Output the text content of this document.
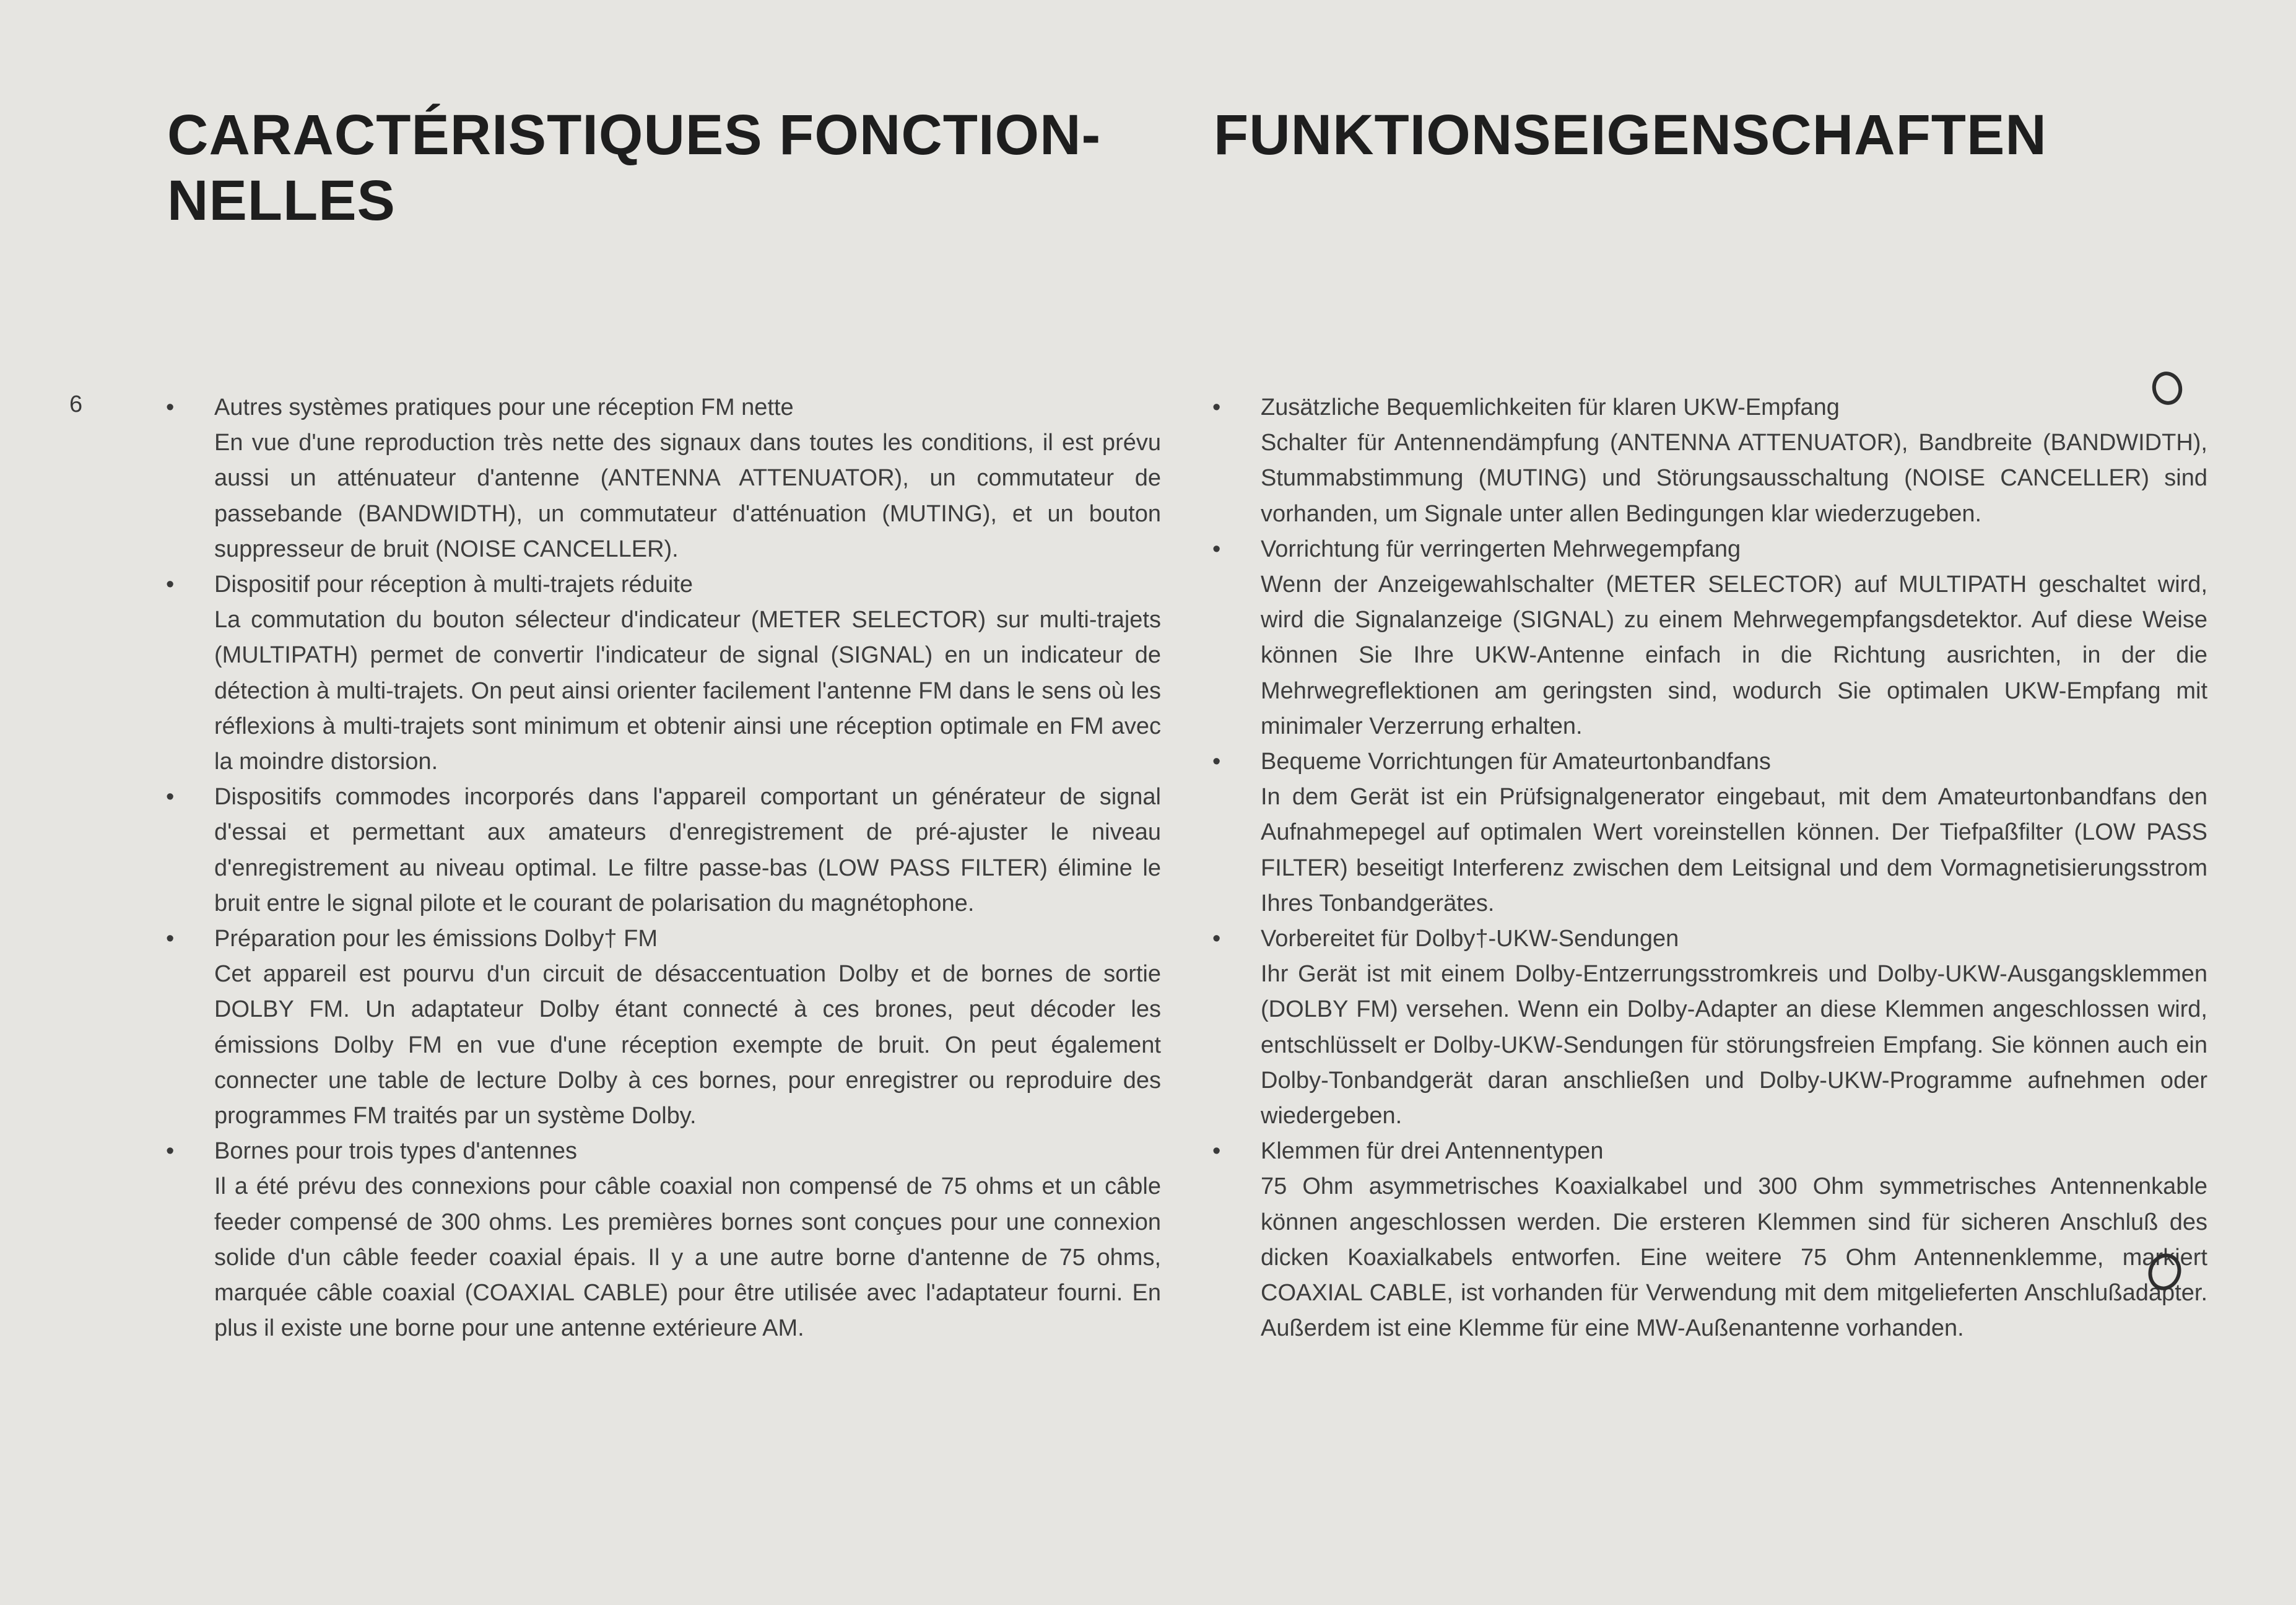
CARACTÉRISTIQUES FONCTION-
NELLES
FUNKTIONSEIGENSCHAFTEN
6	•	Autres systèmes pratiques pour une réception FM nette
En vue d'une reproduction très nette des signaux dans toutes les conditions, il est prévu aussi un atténuateur d'antenne (ANTENNA ATTENUATOR), un commutateur de passebande (BANDWIDTH), un commutateur d'atténuation (MUTING), et un bouton suppresseur de bruit (NOISE CANCELLER).
•	Dispositif pour réception à multi-trajets réduite
La commutation du bouton sélecteur d'indicateur (METER SELECTOR) sur multi-trajets (MULTIPATH) permet de convertir l'indicateur de signal (SIGNAL) en un indicateur de détection à multi-trajets. On peut ainsi orienter facilement l'antenne FM dans le sens où les réflexions à multi-trajets sont minimum et obtenir ainsi une réception optimale en FM avec la moindre distorsion.
•	Dispositifs commodes incorporés dans l'appareil comportant un générateur de signal d'essai et permettant aux amateurs d'enregistrement de pré-ajuster le niveau d'enregistrement au niveau optimal. Le filtre passe-bas (LOW PASS FILTER) élimine le bruit entre le signal pilote et le courant de polarisation du magnétophone.
•	Préparation pour les émissions Dolby† FM
Cet appareil est pourvu d'un circuit de désaccentuation Dolby et de bornes de sortie DOLBY FM. Un adaptateur Dolby étant connecté à ces brones, peut décoder les émissions Dolby FM en vue d'une réception exempte de bruit. On peut également connecter une table de lecture Dolby à ces bornes, pour enregistrer ou reproduire des programmes FM traités par un système Dolby.
•	Bornes pour trois types d'antennes
Il a été prévu des connexions pour câble coaxial non compensé de 75 ohms et un câble feeder compensé de 300 ohms. Les premières bornes sont conçues pour une connexion solide d'un câble feeder coaxial épais. Il y a une autre borne d'antenne de 75 ohms, marquée câble coaxial (COAXIAL CABLE) pour être utilisée avec l'adaptateur fourni. En plus il existe une borne pour une antenne extérieure AM.
•	Zusätzliche Bequemlichkeiten für klaren UKW-Empfang
Schalter für Antennendämpfung (ANTENNA ATTENUATOR), Bandbreite (BANDWIDTH), Stummabstimmung (MUTING) und Störungsausschaltung (NOISE CANCELLER) sind vorhanden, um Signale unter allen Bedingungen klar wiederzugeben.
•	Vorrichtung für verringerten Mehrwegempfang
Wenn der Anzeigewahlschalter (METER SELECTOR) auf MULTIPATH geschaltet wird, wird die Signalanzeige (SIGNAL) zu einem Mehrwegempfangsdetektor. Auf diese Weise können Sie Ihre UKW-Antenne einfach in die Richtung ausrichten, in der die Mehrwegreflektionen am geringsten sind, wodurch Sie optimalen UKW-Empfang mit minimaler Verzerrung erhalten.
•	Bequeme Vorrichtungen für Amateurtonbandfans
In dem Gerät ist ein Prüfsignalgenerator eingebaut, mit dem Amateurtonbandfans den Aufnahmepegel auf optimalen Wert voreinstellen können. Der Tiefpaßfilter (LOW PASS FILTER) beseitigt Interferenz zwischen dem Leitsignal und dem Vormagnetisierungsstrom Ihres Tonbandgerätes.
•	Vorbereitet für Dolby†-UKW-Sendungen
Ihr Gerät ist mit einem Dolby-Entzerrungsstromkreis und Dolby-UKW-Ausgangsklemmen (DOLBY FM) versehen. Wenn ein Dolby-Adapter an diese Klemmen angeschlossen wird, entschlüsselt er Dolby-UKW-Sendungen für störungsfreien Empfang. Sie können auch ein Dolby-Tonbandgerät daran anschließen und Dolby-UKW-Programme aufnehmen oder wiedergeben.
•	Klemmen für drei Antennentypen
75 Ohm asymmetrisches Koaxialkabel und 300 Ohm symmetrisches Antennenkable können angeschlossen werden. Die ersteren Klemmen sind für sicheren Anschluß des dicken Koaxialkabels entworfen. Eine weitere 75 Ohm Antennenklemme, markiert COAXIAL CABLE, ist vorhanden für Verwendung mit dem mitgelieferten Anschlußadapter. Außerdem ist eine Klemme für eine MW-Außenantenne vorhanden.
